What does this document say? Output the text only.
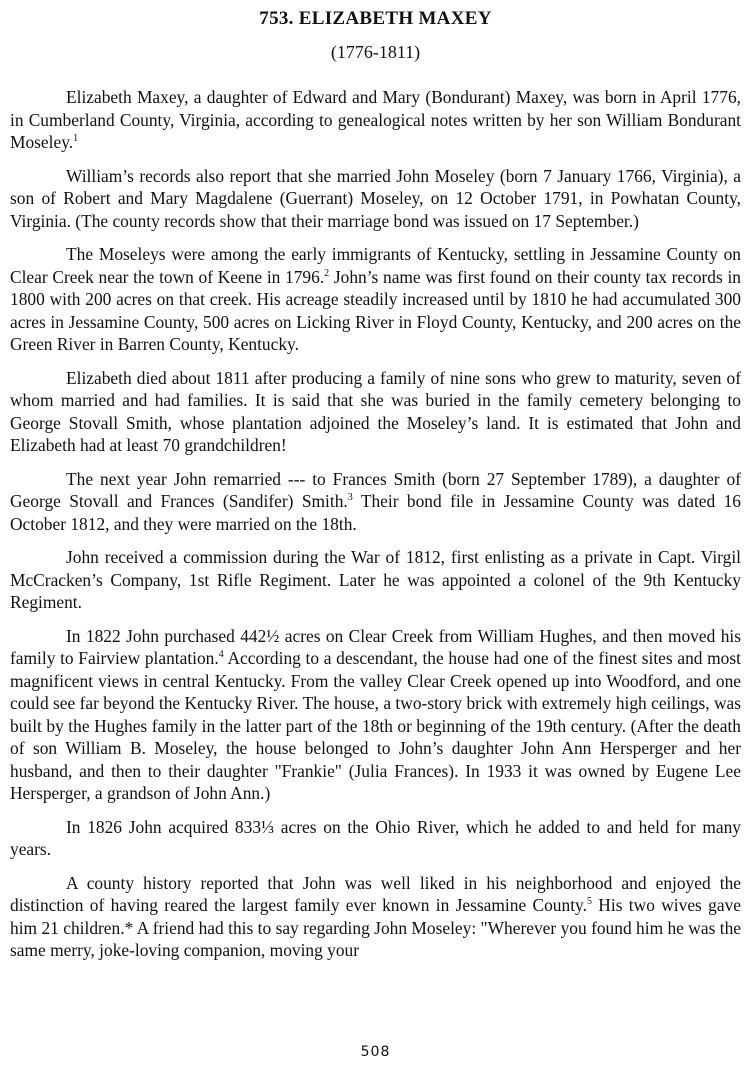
753. ELIZABETH MAXEY
(1776-1811)

Elizabeth Maxey, a daughter of Edward and Mary (Bondurant) Maxey, was born in April 1776, in Cumberland County, Virginia, according to genealogical notes written by her son William Bondurant Moseley.$^1$

William’s records also report that she married John Moseley (born 7 January 1766, Virginia), a son of Robert and Mary Magdalene (Guerrant) Moseley, on 12 October 1791, in Powhatan County, Virginia. (The county records show that their marriage bond was issued on 17 September.)

The Moseleys were among the early immigrants of Kentucky, settling in Jessamine County on Clear Creek near the town of Keene in 1796.$^2$ John’s name was first found on their county tax records in 1800 with 200 acres on that creek. His acreage steadily increased until by 1810 he had accumulated 300 acres in Jessamine County, 500 acres on Licking River in Floyd County, Kentucky, and 200 acres on the Green River in Barren County, Kentucky.

Elizabeth died about 1811 after producing a family of nine sons who grew to maturity, seven of whom married and had families. It is said that she was buried in the family cemetery belonging to George Stovall Smith, whose plantation adjoined the Moseley’s land. It is estimated that John and Elizabeth had at least 70 grandchildren!

The next year John remarried --- to Frances Smith (born 27 September 1789), a daughter of George Stovall and Frances (Sandifer) Smith.$^3$ Their bond file in Jessamine County was dated 16 October 1812, and they were married on the 18th.

John received a commission during the War of 1812, first enlisting as a private in Capt. Virgil McCracken’s Company, 1st Rifle Regiment. Later he was appointed a colonel of the 9th Kentucky Regiment.

In 1822 John purchased 442½ acres on Clear Creek from William Hughes, and then moved his family to Fairview plantation.$^4$ According to a descendant, the house had one of the finest sites and most magnificent views in central Kentucky. From the valley Clear Creek opened up into Woodford, and one could see far beyond the Kentucky River. The house, a two-story brick with extremely high ceilings, was built by the Hughes family in the latter part of the 18th or beginning of the 19th century. (After the death of son William B. Moseley, the house belonged to John’s daughter John Ann Hersperger and her husband, and then to their daughter "Frankie" (Julia Frances). In 1933 it was owned by Eugene Lee Hersperger, a grandson of John Ann.)

In 1826 John acquired 833⅓ acres on the Ohio River, which he added to and held for many years.

A county history reported that John was well liked in his neighborhood and enjoyed the distinction of having reared the largest family ever known in Jessamine County.$^5$ His two wives gave him 21 children.* A friend had this to say regarding John Moseley: "Wherever you found him he was the same merry, joke-loving companion, moving your

508
